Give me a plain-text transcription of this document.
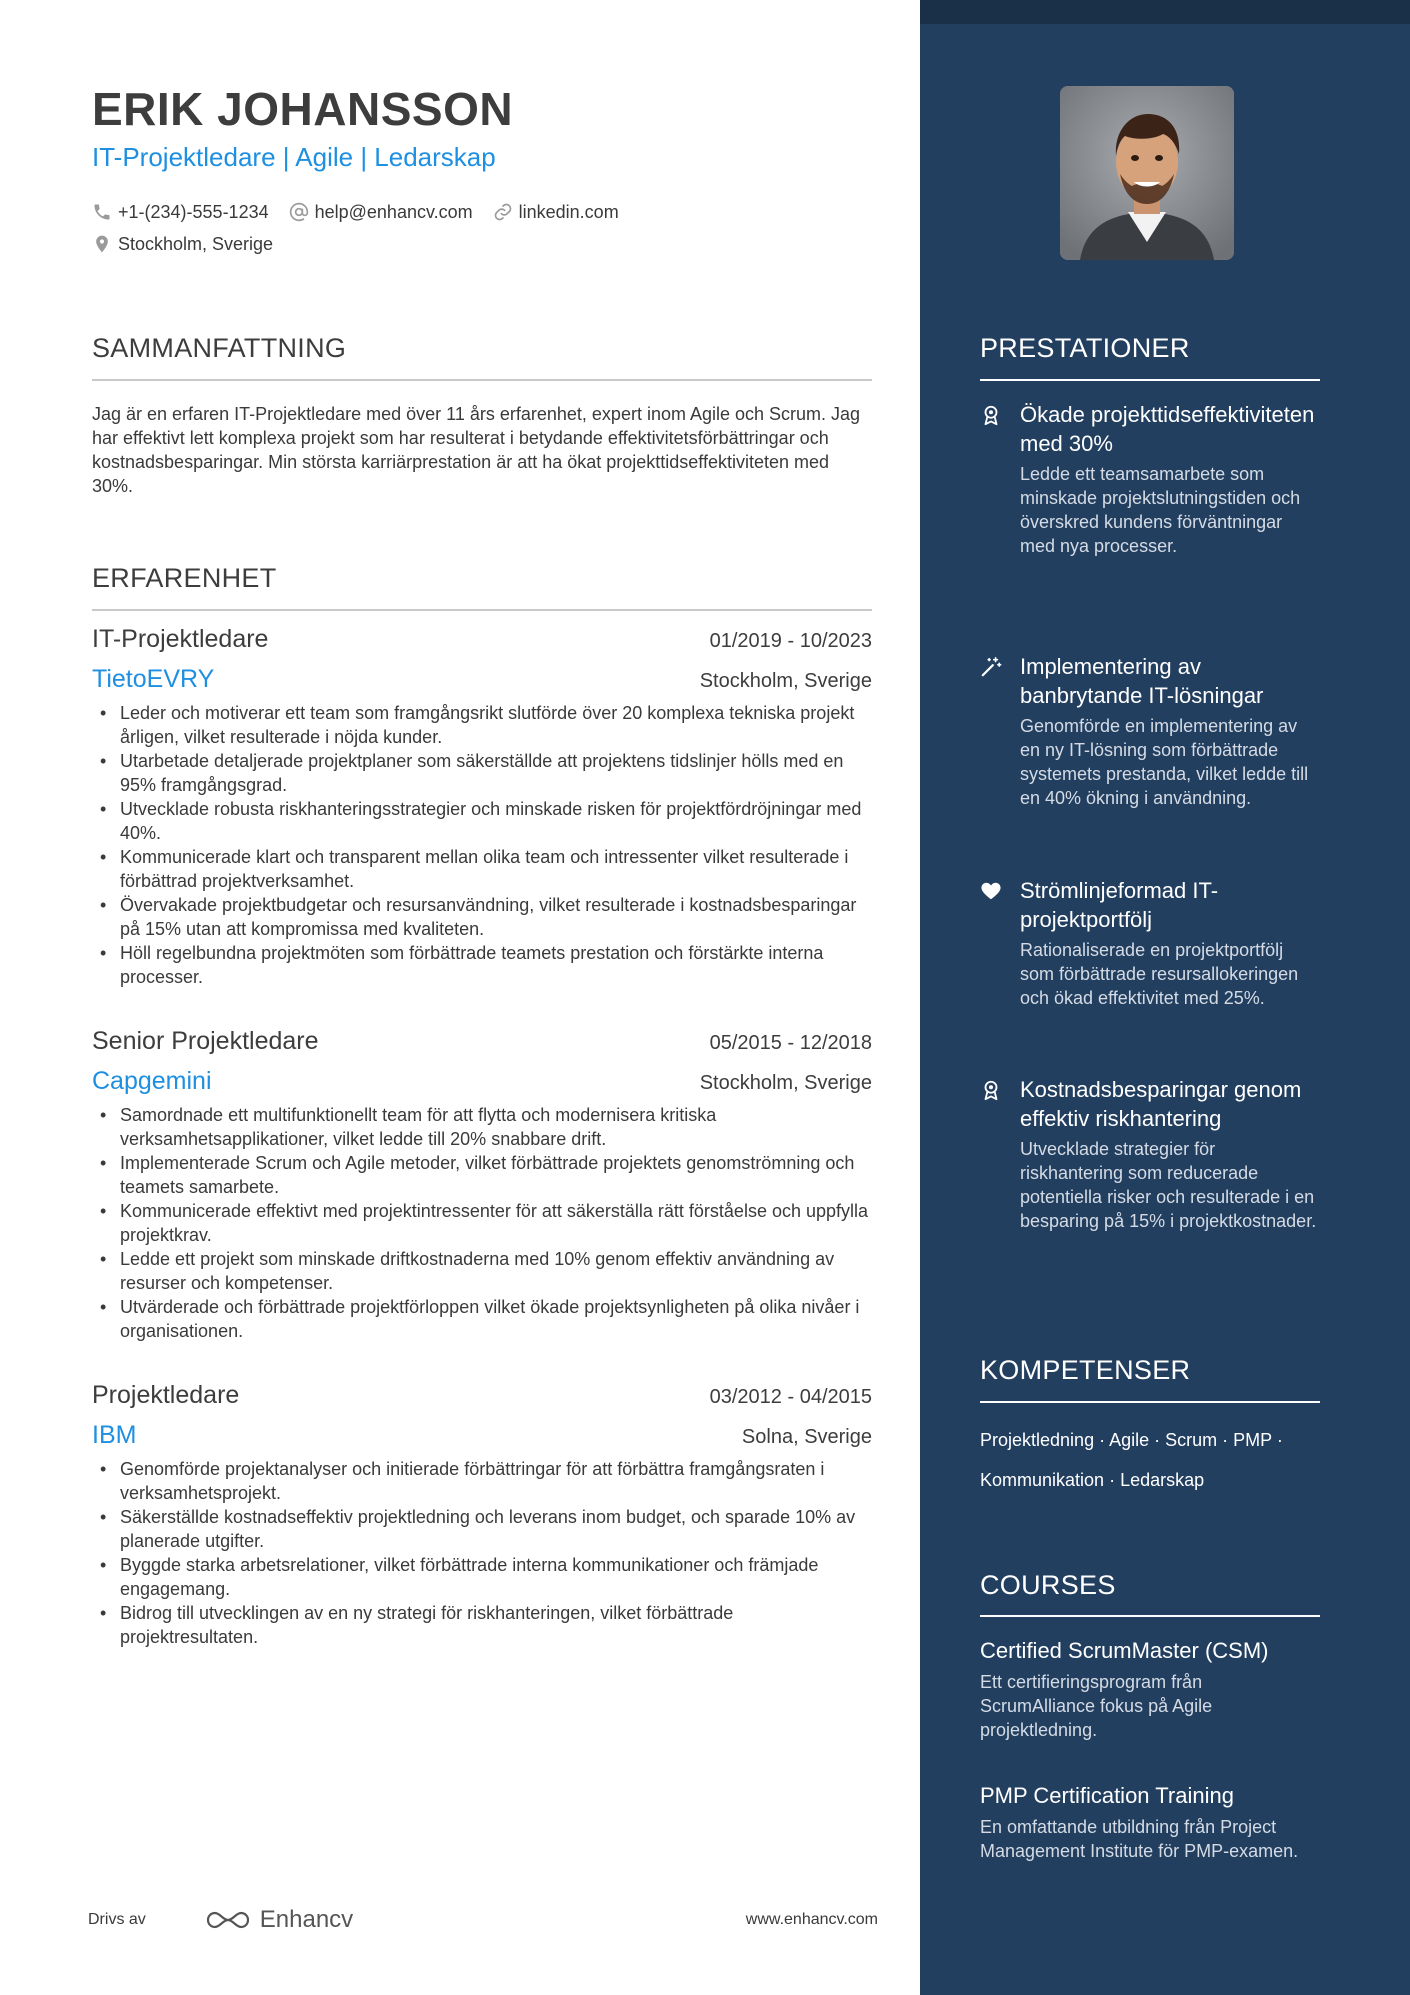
ERIK JOHANSSON
IT-Projektledare | Agile | Ledarskap
+1-(234)-555-1234	help@enhancv.com	linkedin.com
Stockholm, Sverige
SAMMANFATTNING
Jag är en erfaren IT-Projektledare med över 11 års erfarenhet, expert inom Agile och Scrum. Jag har effektivt lett komplexa projekt som har resulterat i betydande effektivitetsförbättringar och kostnadsbesparingar. Min största karriärprestation är att ha ökat projekttidseffektiviteten med 30%.
ERFARENHET
IT-Projektledare	01/2019 - 10/2023
TietoEVRY	Stockholm, Sverige
• Leder och motiverar ett team som framgångsrikt slutförde över 20 komplexa tekniska projekt årligen, vilket resulterade i nöjda kunder.
• Utarbetade detaljerade projektplaner som säkerställde att projektens tidslinjer hölls med en 95% framgångsgrad.
• Utvecklade robusta riskhanteringsstrategier och minskade risken för projektfördröjningar med 40%.
• Kommunicerade klart och transparent mellan olika team och intressenter vilket resulterade i förbättrad projektverksamhet.
• Övervakade projektbudgetar och resursanvändning, vilket resulterade i kostnadsbesparingar på 15% utan att kompromissa med kvaliteten.
• Höll regelbundna projektmöten som förbättrade teamets prestation och förstärkte interna processer.
Senior Projektledare	05/2015 - 12/2018
Capgemini	Stockholm, Sverige
• Samordnade ett multifunktionellt team för att flytta och modernisera kritiska verksamhetsapplikationer, vilket ledde till 20% snabbare drift.
• Implementerade Scrum och Agile metoder, vilket förbättrade projektets genomströmning och teamets samarbete.
• Kommunicerade effektivt med projektintressenter för att säkerställa rätt förståelse och uppfylla projektkrav.
• Ledde ett projekt som minskade driftkostnaderna med 10% genom effektiv användning av resurser och kompetenser.
• Utvärderade och förbättrade projektförloppen vilket ökade projektsynligheten på olika nivåer i organisationen.
Projektledare	03/2012 - 04/2015
IBM	Solna, Sverige
• Genomförde projektanalyser och initierade förbättringar för att förbättra framgångsraten i verksamhetsprojekt.
• Säkerställde kostnadseffektiv projektledning och leverans inom budget, och sparade 10% av planerade utgifter.
• Byggde starka arbetsrelationer, vilket förbättrade interna kommunikationer och främjade engagemang.
• Bidrog till utvecklingen av en ny strategi för riskhanteringen, vilket förbättrade projektresultaten.
Drivs av	Enhancv	www.enhancv.com
PRESTATIONER
Ökade projekttidseffektiviteten med 30%
Ledde ett teamsamarbete som minskade projektslutningstiden och överskred kundens förväntningar med nya processer.
Implementering av banbrytande IT-lösningar
Genomförde en implementering av en ny IT-lösning som förbättrade systemets prestanda, vilket ledde till en 40% ökning i användning.
Strömlinjeformad IT-projektportfölj
Rationaliserade en projektportfölj som förbättrade resursallokeringen och ökad effektivitet med 25%.
Kostnadsbesparingar genom effektiv riskhantering
Utvecklade strategier för riskhantering som reducerade potentiella risker och resulterade i en besparing på 15% i projektkostnader.
KOMPETENSER
Projektledning · Agile · Scrum · PMP · Kommunikation · Ledarskap
COURSES
Certified ScrumMaster (CSM)
Ett certifieringsprogram från ScrumAlliance fokus på Agile projektledning.
PMP Certification Training
En omfattande utbildning från Project Management Institute för PMP-examen.
